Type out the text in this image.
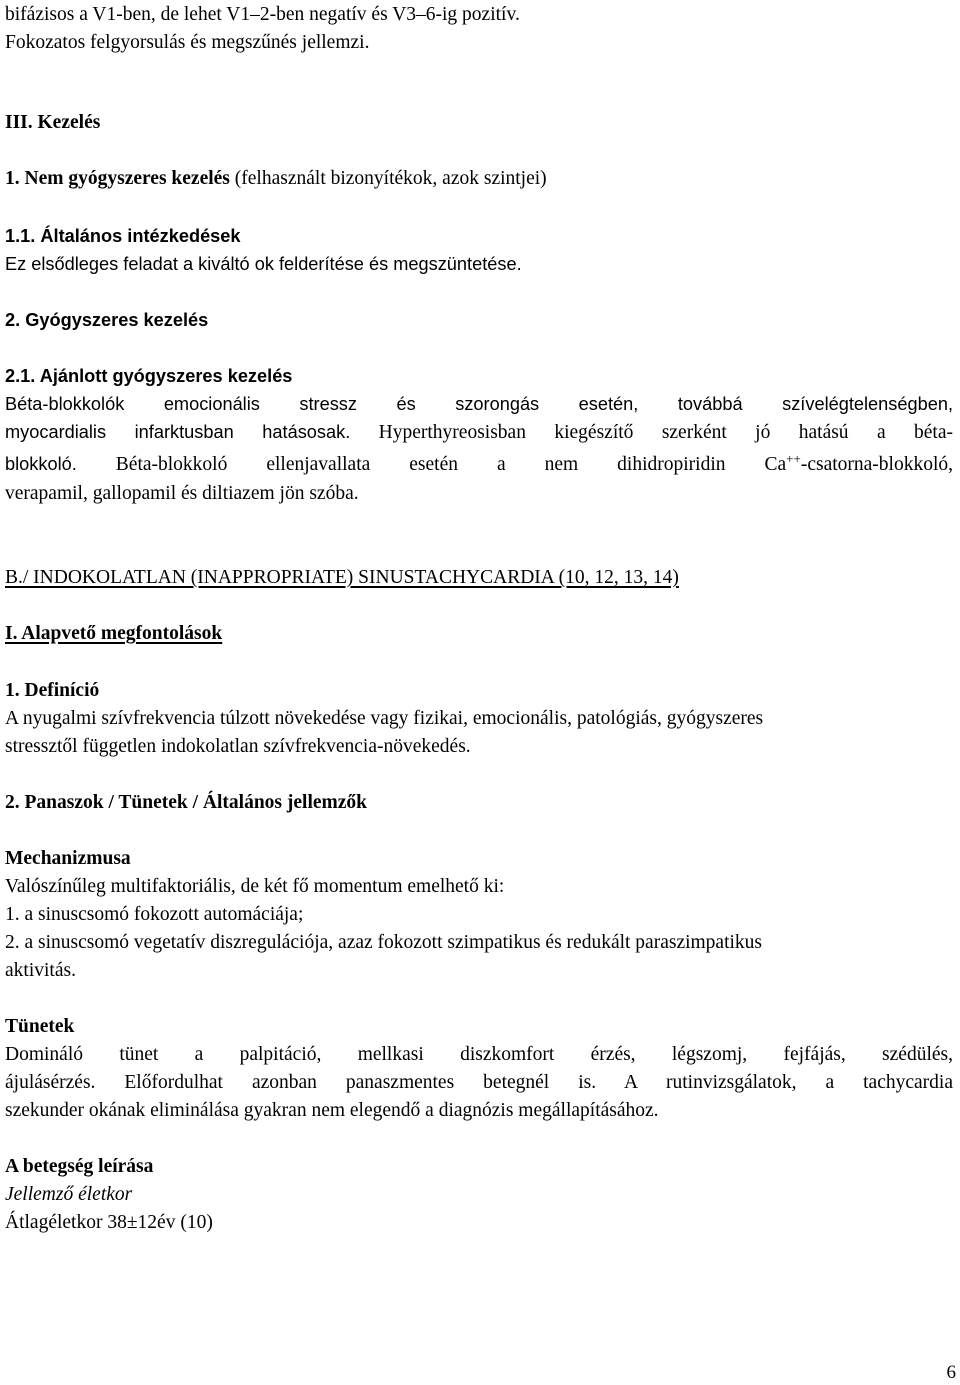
bifázisos a V1-ben, de lehet V1–2-ben negatív és V3–6-ig pozitív.
Fokozatos felgyorsulás és megszűnés jellemzi.
III. Kezelés
1. Nem gyógyszeres kezelés (felhasznált bizonyítékok, azok szintjei)
1.1. Általános intézkedések
Ez elsődleges feladat a kiváltó ok felderítése és megszüntetése.
2. Gyógyszeres kezelés
2.1. Ajánlott gyógyszeres kezelés
Béta-blokkolók emocionális stressz és szorongás esetén, továbbá szívelégtelenségben,
myocardialis infarktusban hatásosak. Hyperthyreosisban kiegészítő szerként jó hatású a béta-
blokkoló. Béta-blokkoló ellenjavallata esetén a nem dihidropiridin Ca++-csatorna-blokkoló,
verapamil, gallopamil és diltiazem jön szóba.
B./ INDOKOLATLAN (INAPPROPRIATE) SINUSTACHYCARDIA (10, 12, 13, 14)
I. Alapvető megfontolások
1. Definíció
A nyugalmi szívfrekvencia túlzott növekedése vagy fizikai, emocionális, patológiás, gyógyszeres
stressztől független indokolatlan szívfrekvencia-növekedés.
2. Panaszok / Tünetek / Általános jellemzők
Mechanizmusa
Valószínűleg multifaktoriális, de két fő momentum emelhető ki:
1. a sinuscsomó fokozott automáciája;
2. a sinuscsomó vegetatív diszregulációja, azaz fokozott szimpatikus és redukált paraszimpatikus
aktivitás.
Tünetek
Domináló tünet a palpitáció, mellkasi diszkomfort érzés, légszomj, fejfájás, szédülés,
ájulásérzés. Előfordulhat azonban panaszmentes betegnél is. A rutinvizsgálatok, a tachycardia
szekunder okának eliminálása gyakran nem elegendő a diagnózis megállapításához.
A betegség leírása
Jellemző életkor
Átlagéletkor 38±12év (10)
6
